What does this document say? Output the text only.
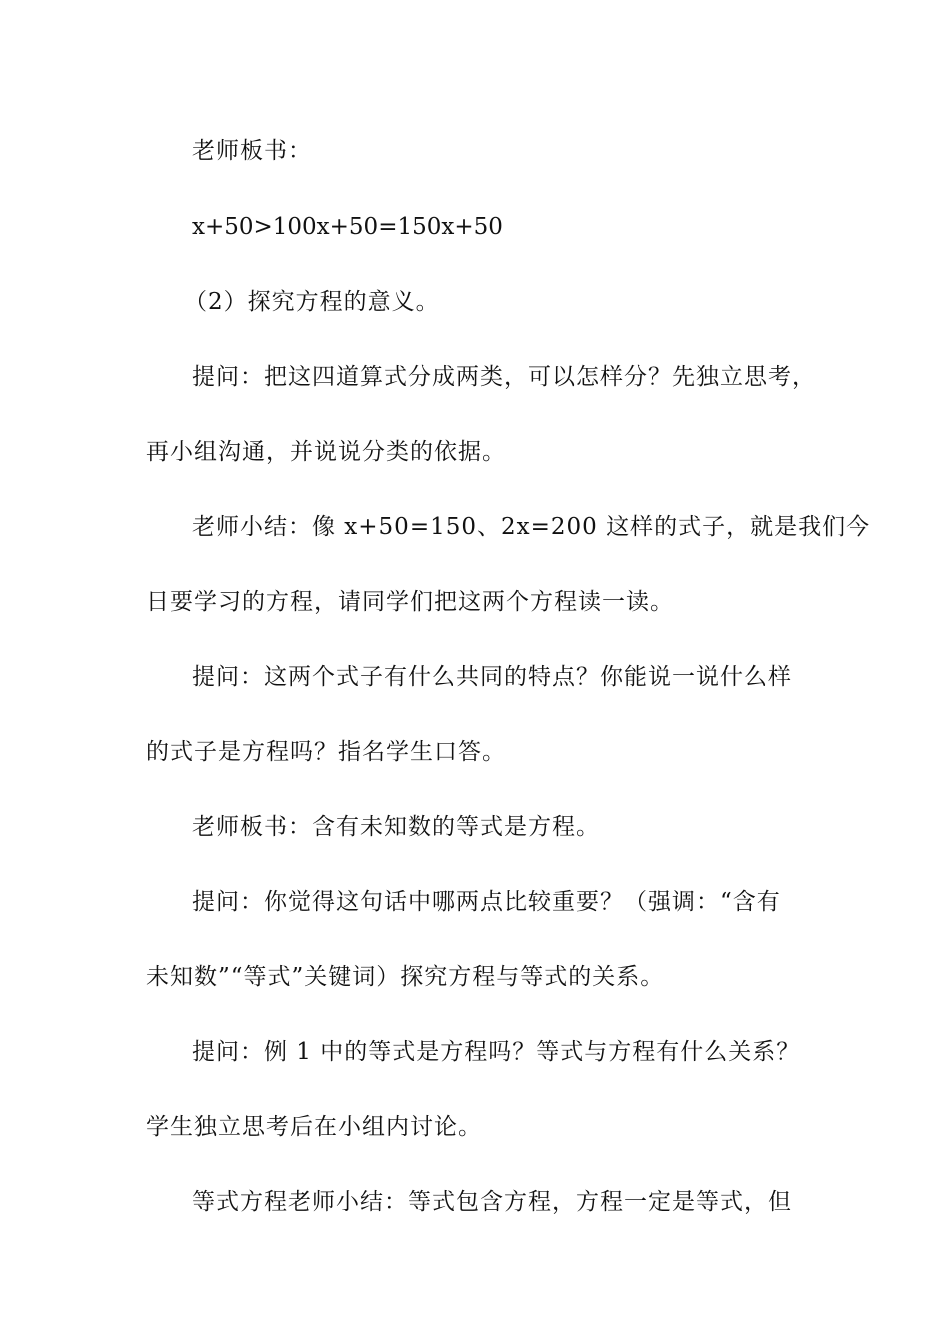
老师板书：
x+50>100x+50=150x+50
（2）探究方程的意义。
提问：把这四道算式分成两类，可以怎样分？先独立思考，
再小组沟通，并说说分类的依据。
老师小结：像 x+50=150、2x=200 这样的式子，就是我们今
日要学习的方程，请同学们把这两个方程读一读。
提问：这两个式子有什么共同的特点？你能说一说什么样
的式子是方程吗？指名学生口答。
老师板书：含有未知数的等式是方程。
提问：你觉得这句话中哪两点比较重要？（强调：“含有
未知数”“等式”关键词）探究方程与等式的关系。
提问：例 1 中的等式是方程吗？等式与方程有什么关系？
学生独立思考后在小组内讨论。
等式方程老师小结：等式包含方程，方程一定是等式，但
